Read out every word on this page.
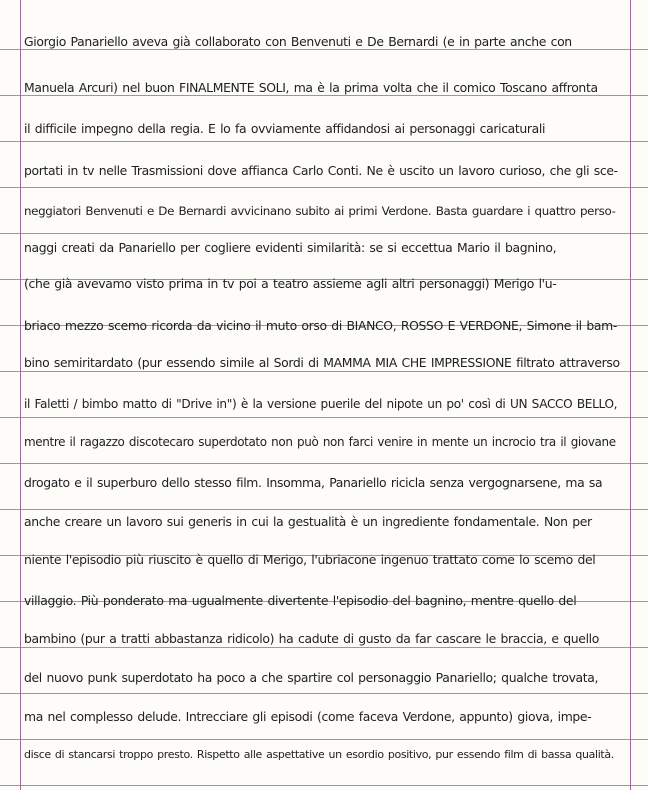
Giorgio Panariello aveva già collaborato con Benvenuti e De Bernardi (e in parte anche con
Manuela Arcuri) nel buon FINALMENTE SOLI, ma è la prima volta che il comico Toscano affronta
il difficile impegno della regia. E lo fa ovviamente affidandosi ai personaggi caricaturali
portati in tv nelle Trasmissioni dove affianca Carlo Conti. Ne è uscito un lavoro curioso, che gli sce-
neggiatori Benvenuti e De Bernardi avvicinano subito ai primi Verdone. Basta guardare i quattro perso-
naggi creati da Panariello per cogliere evidenti similarità: se si eccettua Mario il bagnino,
(che già avevamo visto prima in tv poi a teatro assieme agli altri personaggi) Merigo l'u-
briaco mezzo scemo ricorda da vicino il muto orso di BIANCO, ROSSO E VERDONE, Simone il bam-
bino semiritardato (pur essendo simile al Sordi di MAMMA MIA CHE IMPRESSIONE filtrato attraverso
il Faletti / bimbo matto di "Drive in") è la versione puerile del nipote un po' così di UN SACCO BELLO,
mentre il ragazzo discotecaro superdotato non può non farci venire in mente un incrocio tra il giovane
drogato e il superburo dello stesso film. Insomma, Panariello ricicla senza vergognarsene, ma sa
anche creare un lavoro sui generis in cui la gestualità è un ingrediente fondamentale. Non per
niente l'episodio più riuscito è quello di Merigo, l'ubriacone ingenuo trattato come lo scemo del
villaggio. Più ponderato ma ugualmente divertente l'episodio del bagnino, mentre quello del
bambino (pur a tratti abbastanza ridicolo) ha cadute di gusto da far cascare le braccia, e quello
del nuovo punk superdotato ha poco a che spartire col personaggio Panariello; qualche trovata,
ma nel complesso delude. Intrecciare gli episodi (come faceva Verdone, appunto) giova, impe-
disce di stancarsi troppo presto. Rispetto alle aspettative un esordio positivo, pur essendo film di bassa qualità.
